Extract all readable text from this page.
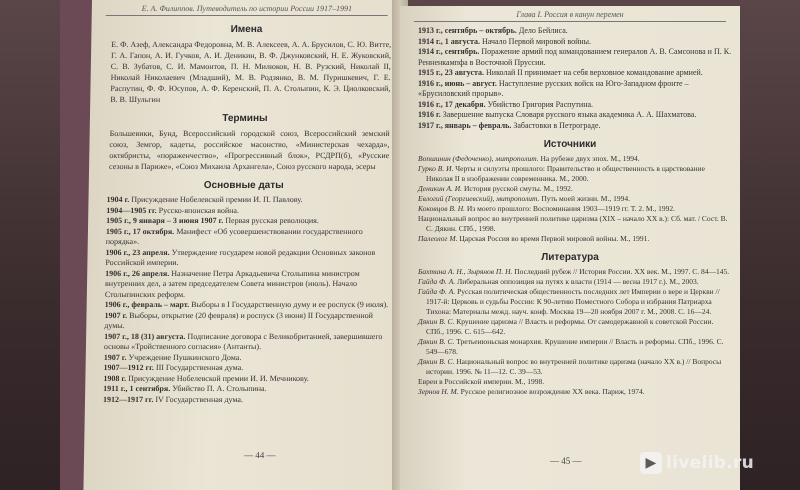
Е. А. Филиппов. Путеводитель по истории России 1917–1991
Имена
Е. Ф. Азеф, Александра Федоровна, М. В. Алексеев, А. А. Брусилов, С. Ю. Витте, Г. А. Гапон, А. И. Гучков, А. И. Деникин, В. Ф. Джунковский, Н. Е. Жуковский, С. В. Зубатов, С. И. Мамонтов, П. Н. Милюков, Н. В. Рузский, Николай II, Николай Николаевич (Младший), М. В. Родзянко, В. М. Пуришкевич, Г. Е. Распутин, Ф. Ф. Юсупов, А. Ф. Керенский, П. А. Столыпин, К. Э. Циолковский, В. В. Шульгин
Термины
Большевики, Бунд, Всероссийский городской союз, Всероссийский земский союз, Земгор, кадеты, российское масонство, «Министерская чехарда», октябристы, «пораженчество», «Прогрессивный блок», РСДРП(б), «Русские сезоны в Париже», «Союз Михаила Архангела», Союз русского народа, эсеры
Основные даты
1904 г. Присуждение Нобелевской премии И. П. Павлову.
1904—1905 гг. Русско-японская война.
1905 г., 9 января – 3 июня 1907 г. Первая русская революция.
1905 г., 17 октября. Манифест «Об усовершенствовании государственного порядка».
1906 г., 23 апреля. Утверждение государем новой редакции Основных законов Российской империи.
1906 г., 26 апреля. Назначение Петра Аркадьевича Столыпина министром внутренних дел, а затем председателем Совета министров (июль). Начало Столыпинских реформ.
1906 г., февраль – март. Выборы в I Государственную думу и ее роспуск (9 июля).
1907 г. Выборы, открытие (20 февраля) и роспуск (3 июня) II Государственной думы.
1907 г., 18 (31) августа. Подписание договора с Великобританией, завершившего основы «Тройственного согласия» (Антанты).
1907 г. Учреждение Пушкинского Дома.
1907—1912 гг. III Государственная дума.
1908 г. Присуждение Нобелевской премии И. И. Мечникову.
1911 г., 1 сентября. Убийство П. А. Столыпина.
1912—1917 гг. IV Государственная дума.
— 44 —
Глава I. Россия в канун перемен
1913 г., сентябрь – октябрь. Дело Бейлиса.
1914 г., 1 августа. Начало Первой мировой войны.
1914 г., сентябрь. Поражение армий под командованием генералов А. В. Самсонова и П. К. Ренненкампфа в Восточной Пруссии.
1915 г., 23 августа. Николай II принимает на себя верховное командование армией.
1916 г., июнь – август. Наступление русских войск на Юго-Западном фронте – «Брусиловский прорыв».
1916 г., 17 декабря. Убийство Григория Распутина.
1916 г. Завершение выпуска Словаря русского языка академика А. А. Шахматова.
1917 г., январь – февраль. Забастовки в Петрограде.
Источники
Вопшинин (Федоченко), митрополит. На рубеже двух эпох. М., 1994.
Гурко В. И. Черты и силуэты прошлого: Правительство и общественность в царствование Николая II в изображении современника. М., 2000.
Деникин А. И. История русской смуты. М., 1992.
Евлогий (Георгиевский), митрополит. Путь моей жизни. М., 1994.
Коковцов В. Н. Из моего прошлого: Воспоминания 1903—1919 гг. Т. 2. М., 1992.
Национальный вопрос во внутренней политике царизма (XIX – начало XX в.): Сб. мат. / Сост. В. С. Дякин. СПб., 1998.
Палеолог М. Царская Россия во время Первой мировой войны. М., 1991.
Литература
Бахтина А. Н., Зырянов П. Н. Последний рубеж // История России. XX век. М., 1997. С. 84—145.
Гайда Ф. А. Либеральная оппозиция на путях к власти (1914 — весна 1917 г.). М., 2003.
Гайда Ф. А. Русская политическая общественность последних лет Империи о вере и Церкви // 1917-й: Церковь и судьбы России: К 90-летию Поместного Собора и избрания Патриарха Тихона: Материалы межд. науч. конф. Москва 19—20 ноября 2007 г. М., 2008. С. 16—24.
Дякин В. С. Крушение царизма // Власть и реформы. От самодержавной к советской России. СПб., 1996. С. 615—642.
Дякин В. С. Третьеиюньская монархия. Крушение империи // Власть и реформы. СПб., 1996. С. 549—678.
Дякин В. С. Национальный вопрос во внутренней политике царизма (начало XX в.) // Вопросы истории. 1996. № 11—12. С. 39—53.
Евреи в Российской империи. М., 1998.
Зернов Н. М. Русское религиозное возрождение XX века. Париж, 1974.
— 45 —	▶ livelib.ru
